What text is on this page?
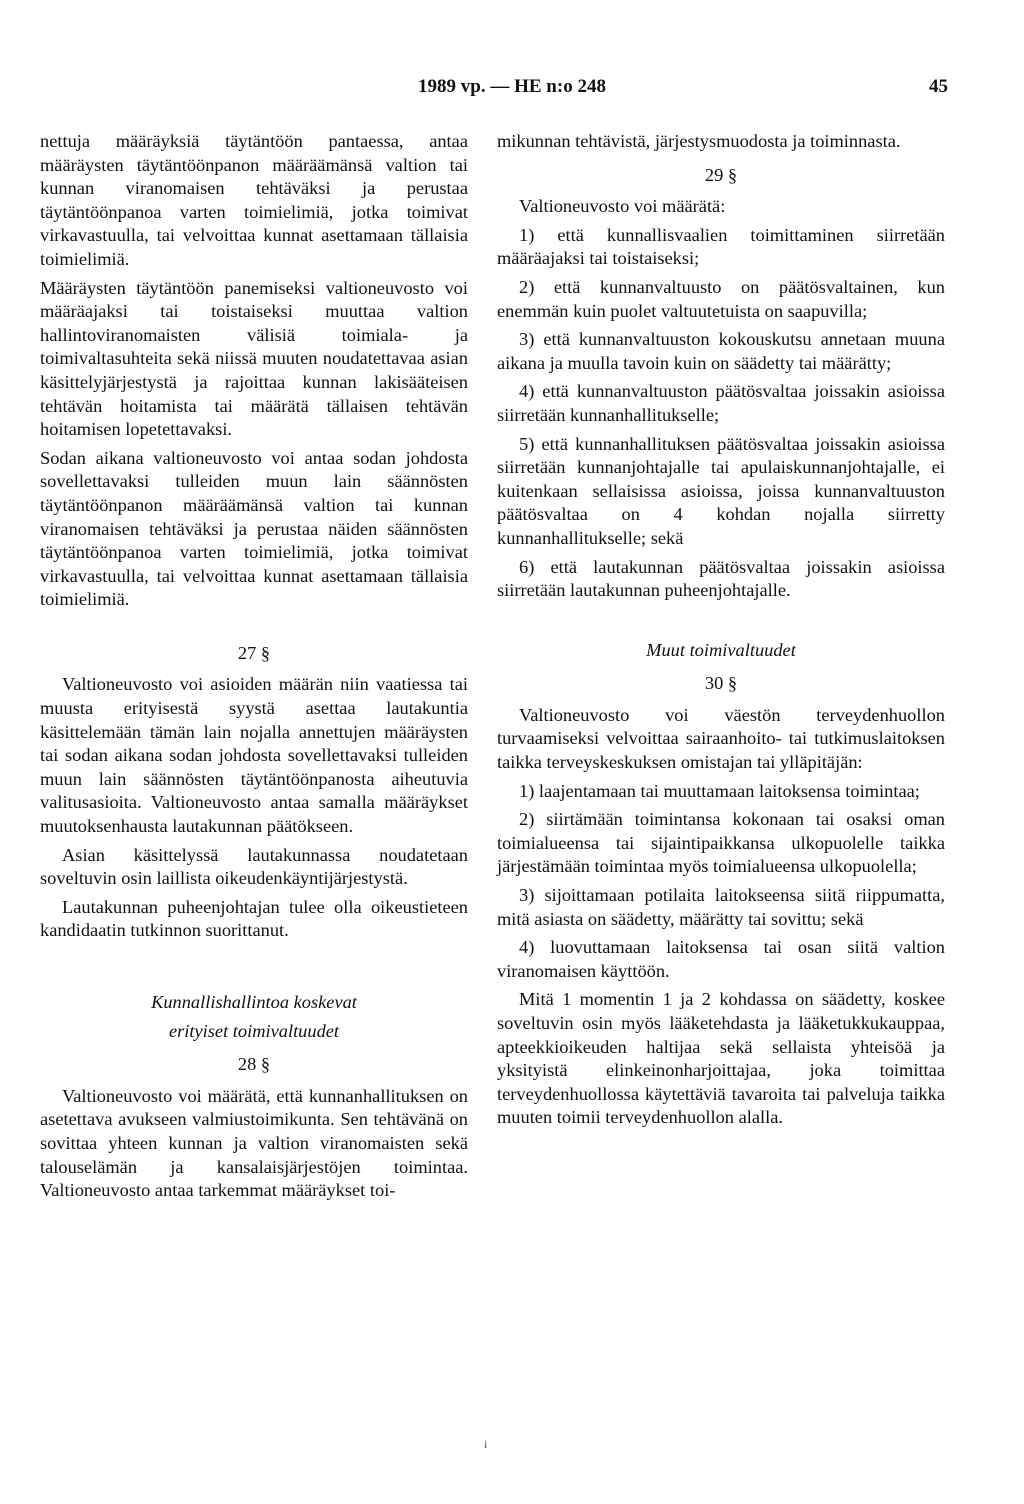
1989 vp. — HE n:o 248	45

nettuja määräyksiä täytäntöön pantaessa, antaa määräysten täytäntöönpanon määräämänsä valtion tai kunnan viranomaisen tehtäväksi ja perustaa täytäntöönpanoa varten toimielimiä, jotka toimivat virkavastuulla, tai velvoittaa kunnat asettamaan tällaisia toimielimiä.

Määräysten täytäntöön panemiseksi valtioneuvosto voi määräajaksi tai toistaiseksi muuttaa valtion hallintoviranomaisten välisiä toimiala- ja toimivaltasuhteita sekä niissä muuten noudatettavaa asian käsittelyjärjestystä ja rajoittaa kunnan lakisääteisen tehtävän hoitamista tai määrätä tällaisen tehtävän hoitamisen lopetettavaksi.

Sodan aikana valtioneuvosto voi antaa sodan johdosta sovellettavaksi tulleiden muun lain säännösten täytäntöönpanon määräämänsä valtion tai kunnan viranomaisen tehtäväksi ja perustaa näiden säännösten täytäntöönpanoa varten toimielimiä, jotka toimivat virkavastuulla, tai velvoittaa kunnat asettamaan tällaisia toimielimiä.

27 §

Valtioneuvosto voi asioiden määrän niin vaatiessa tai muusta erityisestä syystä asettaa lautakuntia käsittelemään tämän lain nojalla annettujen määräysten tai sodan aikana sodan johdosta sovellettavaksi tulleiden muun lain säännösten täytäntöönpanosta aiheutuvia valitusasioita. Valtioneuvosto antaa samalla määräykset muutoksenhausta lautakunnan päätökseen.

Asian käsittelyssä lautakunnassa noudatetaan soveltuvin osin laillista oikeudenkäyntijärjestystä.

Lautakunnan puheenjohtajan tulee olla oikeustieteen kandidaatin tutkinnon suorittanut.

Kunnallishallintoa koskevat

erityiset toimivaltuudet

28 §

Valtioneuvosto voi määrätä, että kunnanhallituksen on asetettava avukseen valmiustoimikunta. Sen tehtävänä on sovittaa yhteen kunnan ja valtion viranomaisten sekä talouselämän ja kansalaisjärjestöjen toimintaa. Valtioneuvosto antaa tarkemmat määräykset toi-

mikunnan tehtävistä, järjestysmuodosta ja toiminnasta.

29 §

Valtioneuvosto voi määrätä:

1) että kunnallisvaalien toimittaminen siirretään määräajaksi tai toistaiseksi;

2) että kunnanvaltuusto on päätösvaltainen, kun enemmän kuin puolet valtuutetuista on saapuvilla;

3) että kunnanvaltuuston kokouskutsu annetaan muuna aikana ja muulla tavoin kuin on säädetty tai määrätty;

4) että kunnanvaltuuston päätösvaltaa joissakin asioissa siirretään kunnanhallitukselle;

5) että kunnanhallituksen päätösvaltaa joissakin asioissa siirretään kunnanjohtajalle tai apulaiskunnanjohtajalle, ei kuitenkaan sellaisissa asioissa, joissa kunnanvaltuuston päätösvaltaa on 4 kohdan nojalla siirretty kunnanhallitukselle; sekä

6) että lautakunnan päätösvaltaa joissakin asioissa siirretään lautakunnan puheenjohtajalle.

Muut toimivaltuudet

30 §

Valtioneuvosto voi väestön terveydenhuollon turvaamiseksi velvoittaa sairaanhoito- tai tutkimuslaitoksen taikka terveyskeskuksen omistajan tai ylläpitäjän:

1) laajentamaan tai muuttamaan laitoksensa toimintaa;

2) siirtämään toimintansa kokonaan tai osaksi oman toimialueensa tai sijaintipaikkansa ulkopuolelle taikka järjestämään toimintaa myös toimialueensa ulkopuolella;

3) sijoittamaan potilaita laitokseensa siitä riippumatta, mitä asiasta on säädetty, määrätty tai sovittu; sekä

4) luovuttamaan laitoksensa tai osan siitä valtion viranomaisen käyttöön.

Mitä 1 momentin 1 ja 2 kohdassa on säädetty, koskee soveltuvin osin myös lääketehdasta ja lääketukkukauppaa, apteekkioikeuden haltijaa sekä sellaista yhteisöä ja yksityistä elinkeinonharjoittajaa, joka toimittaa terveydenhuollossa käytettäviä tavaroita tai palveluja taikka muuten toimii terveydenhuollon alalla.

i
